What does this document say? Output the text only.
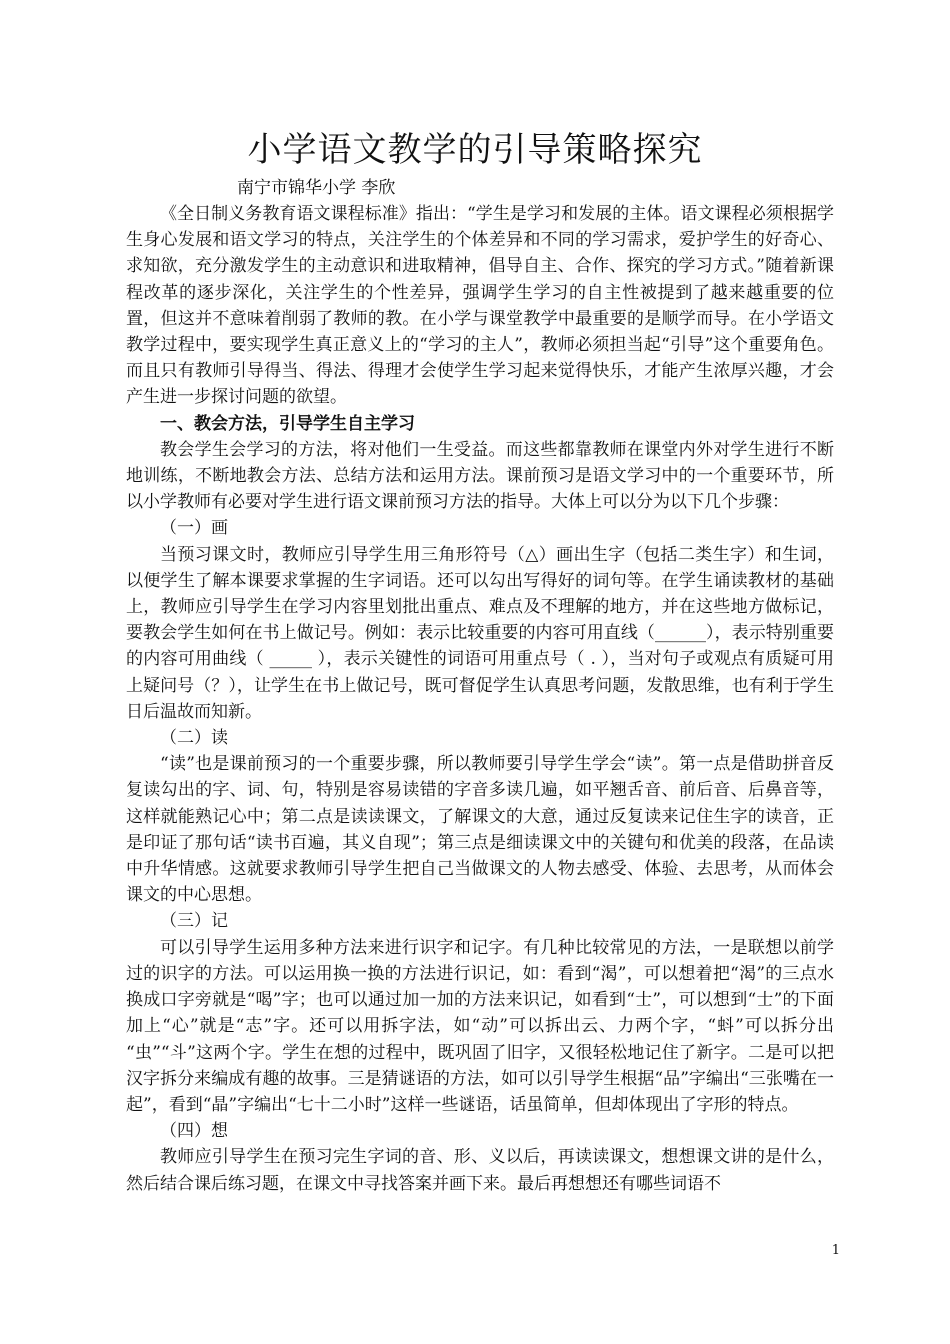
小学语文教学的引导策略探究
南宁市锦华小学 李欣

《全日制义务教育语文课程标准》指出：“学生是学习和发展的主体。语文课程必须根据学生身心发展和语文学习的特点，关注学生的个体差异和不同的学习需求，爱护学生的好奇心、求知欲，充分激发学生的主动意识和进取精神，倡导自主、合作、探究的学习方式。”随着新课程改革的逐步深化，关注学生的个性差异，强调学生学习的自主性被提到了越来越重要的位置，但这并不意味着削弱了教师的教。在小学与课堂教学中最重要的是顺学而导。在小学语文教学过程中，要实现学生真正意义上的“学习的主人”，教师必须担当起“引导”这个重要角色。而且只有教师引导得当、得法、得理才会使学生学习起来觉得快乐，才能产生浓厚兴趣，才会产生进一步探讨问题的欲望。

一、教会方法，引导学生自主学习

教会学生会学习的方法，将对他们一生受益。而这些都靠教师在课堂内外对学生进行不断地训练，不断地教会方法、总结方法和运用方法。课前预习是语文学习中的一个重要环节，所以小学教师有必要对学生进行语文课前预习方法的指导。大体上可以分为以下几个步骤：

（一）画

当预习课文时，教师应引导学生用三角形符号（△）画出生字（包括二类生字）和生词，以便学生了解本课要求掌握的生字词语。还可以勾出写得好的词句等。在学生诵读教材的基础上，教师应引导学生在学习内容里划批出重点、难点及不理解的地方，并在这些地方做标记，要教会学生如何在书上做记号。例如：表示比较重要的内容可用直线（______），表示特别重要的内容可用曲线（ _____ ），表示关键性的词语可用重点号（ . ），当对句子或观点有质疑可用上疑问号（？），让学生在书上做记号，既可督促学生认真思考问题，发散思维，也有利于学生日后温故而知新。

（二）读

“读”也是课前预习的一个重要步骤，所以教师要引导学生学会“读”。第一点是借助拼音反复读勾出的字、词、句，特别是容易读错的字音多读几遍，如平翘舌音、前后音、后鼻音等，这样就能熟记心中；第二点是读读课文，了解课文的大意，通过反复读来记住生字的读音，正是印证了那句话“读书百遍，其义自现”；第三点是细读课文中的关键句和优美的段落，在品读中升华情感。这就要求教师引导学生把自己当做课文的人物去感受、体验、去思考，从而体会课文的中心思想。

（三）记

可以引导学生运用多种方法来进行识字和记字。有几种比较常见的方法，一是联想以前学过的识字的方法。可以运用换一换的方法进行识记，如：看到“渴”，可以想着把“渴”的三点水换成口字旁就是“喝”字；也可以通过加一加的方法来识记，如看到“士”，可以想到“士”的下面加上“心”就是“志”字。还可以用拆字法，如“动”可以拆出云、力两个字，“蚪”可以拆分出 “虫”“斗”这两个字。学生在想的过程中，既巩固了旧字，又很轻松地记住了新字。二是可以把汉字拆分来编成有趣的故事。三是猜谜语的方法，如可以引导学生根据“品”字编出“三张嘴在一起”，看到“晶”字编出“七十二小时”这样一些谜语，话虽简单，但却体现出了字形的特点。

（四）想

教师应引导学生在预习完生字词的音、形、义以后，再读读课文，想想课文讲的是什么，然后结合课后练习题，在课文中寻找答案并画下来。最后再想想还有哪些词语不

1
